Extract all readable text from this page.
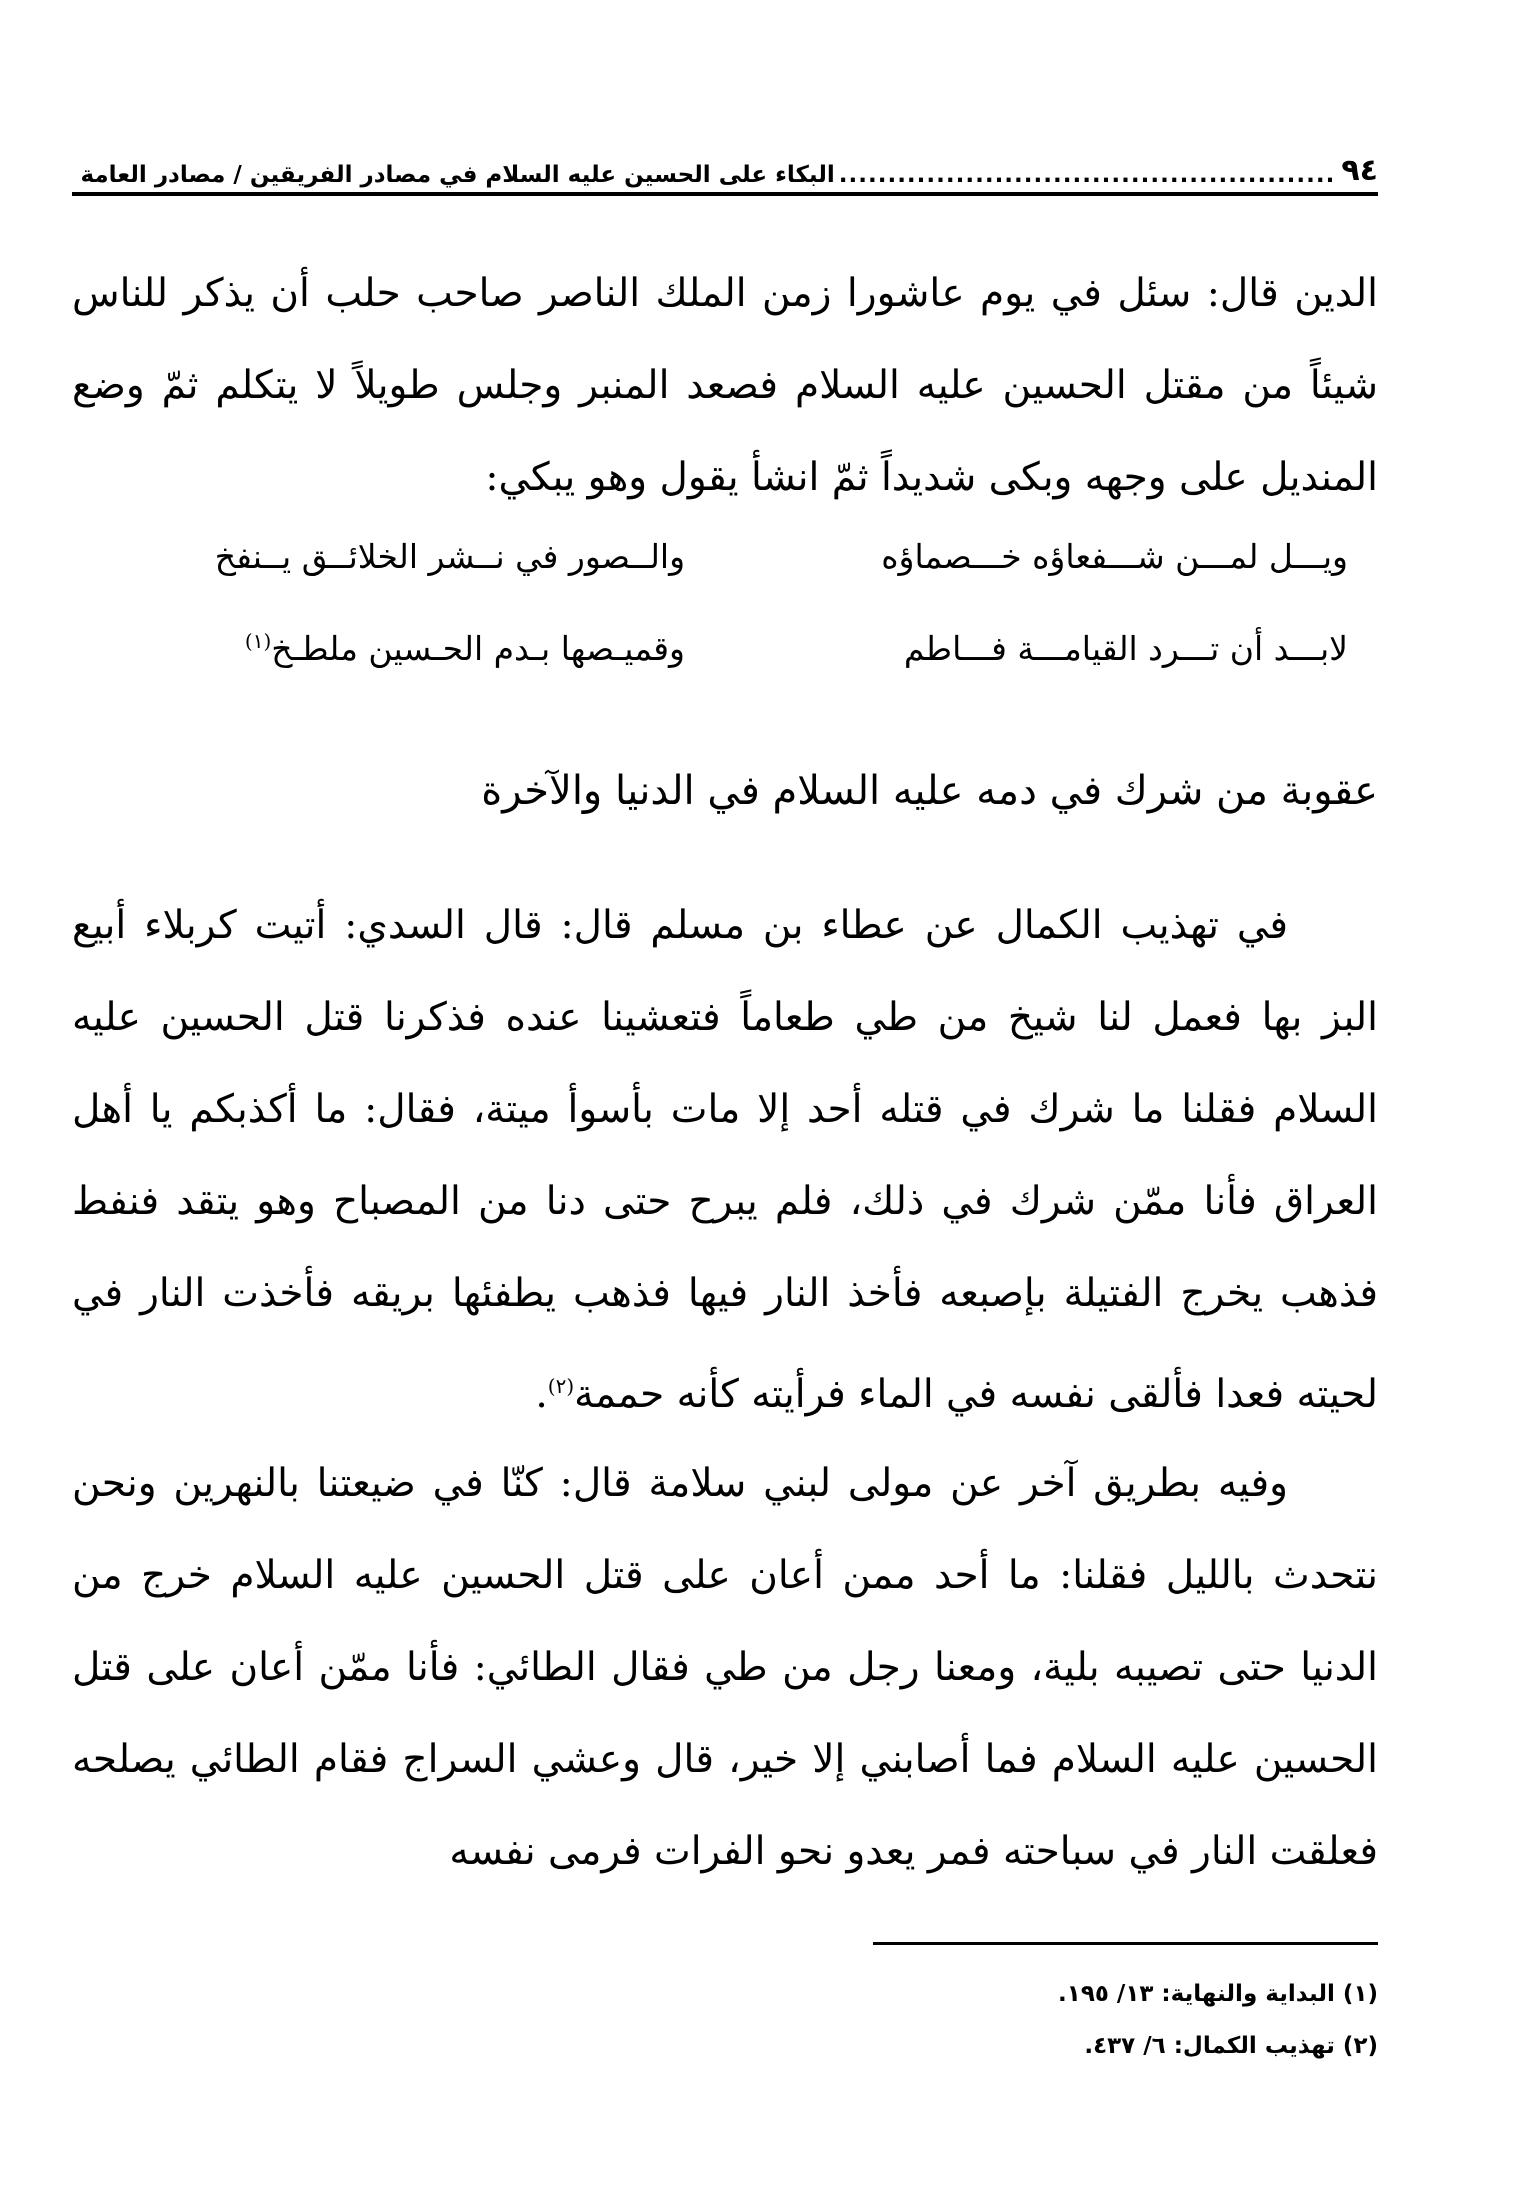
٩٤
...................................................
البكاء على الحسين عليه السلام في مصادر الفريقين / مصادر العامة

الدين قال: سئل في يوم عاشورا زمن الملك الناصر صاحب حلب أن يذكر للناس شيئاً من مقتل الحسين عليه السلام فصعد المنبر وجلس طويلاً لا يتكلم ثمّ وضع المنديل على وجهه وبكى شديداً ثمّ انشأ يقول وهو يبكي:

ويـــل لمـــن شـــفعاؤه خـــصماؤه
والــصور في نــشر الخلائــق يــنفخ
لابـــد أن تـــرد القيامـــة فـــاطم
وقميـصها بـدم الحـسين ملطـخ$^{(١)}$
عقوبة من شرك في دمه عليه السلام في الدنيا والآخرة

في تهذيب الكمال عن عطاء بن مسلم قال: قال السدي: أتيت كربلاء أبيع البز بها فعمل لنا شيخ من طي طعاماً فتعشينا عنده فذكرنا قتل الحسين عليه السلام فقلنا ما شرك في قتله أحد إلا مات بأسوأ ميتة، فقال: ما أكذبكم يا أهل العراق فأنا ممّن شرك في ذلك، فلم يبرح حتى دنا من المصباح وهو يتقد فنفط فذهب يخرج الفتيلة بإصبعه فأخذ النار فيها فذهب يطفئها بريقه فأخذت النار في لحيته فعدا فألقى نفسه في الماء فرأيته كأنه حممة$^{(٢)}$.

وفيه بطريق آخر عن مولى لبني سلامة قال: كنّا في ضيعتنا بالنهرين ونحن نتحدث بالليل فقلنا: ما أحد ممن أعان على قتل الحسين عليه السلام خرج من الدنيا حتى تصيبه بلية، ومعنا رجل من طي فقال الطائي: فأنا ممّن أعان على قتل الحسين عليه السلام فما أصابني إلا خير، قال وعشي السراج فقام الطائي يصلحه فعلقت النار في سباحته فمر يعدو نحو الفرات فرمى نفسه

(١) البداية والنهاية: ١٣/ ١٩٥.
(٢) تهذيب الكمال: ٦/ ٤٣٧.
